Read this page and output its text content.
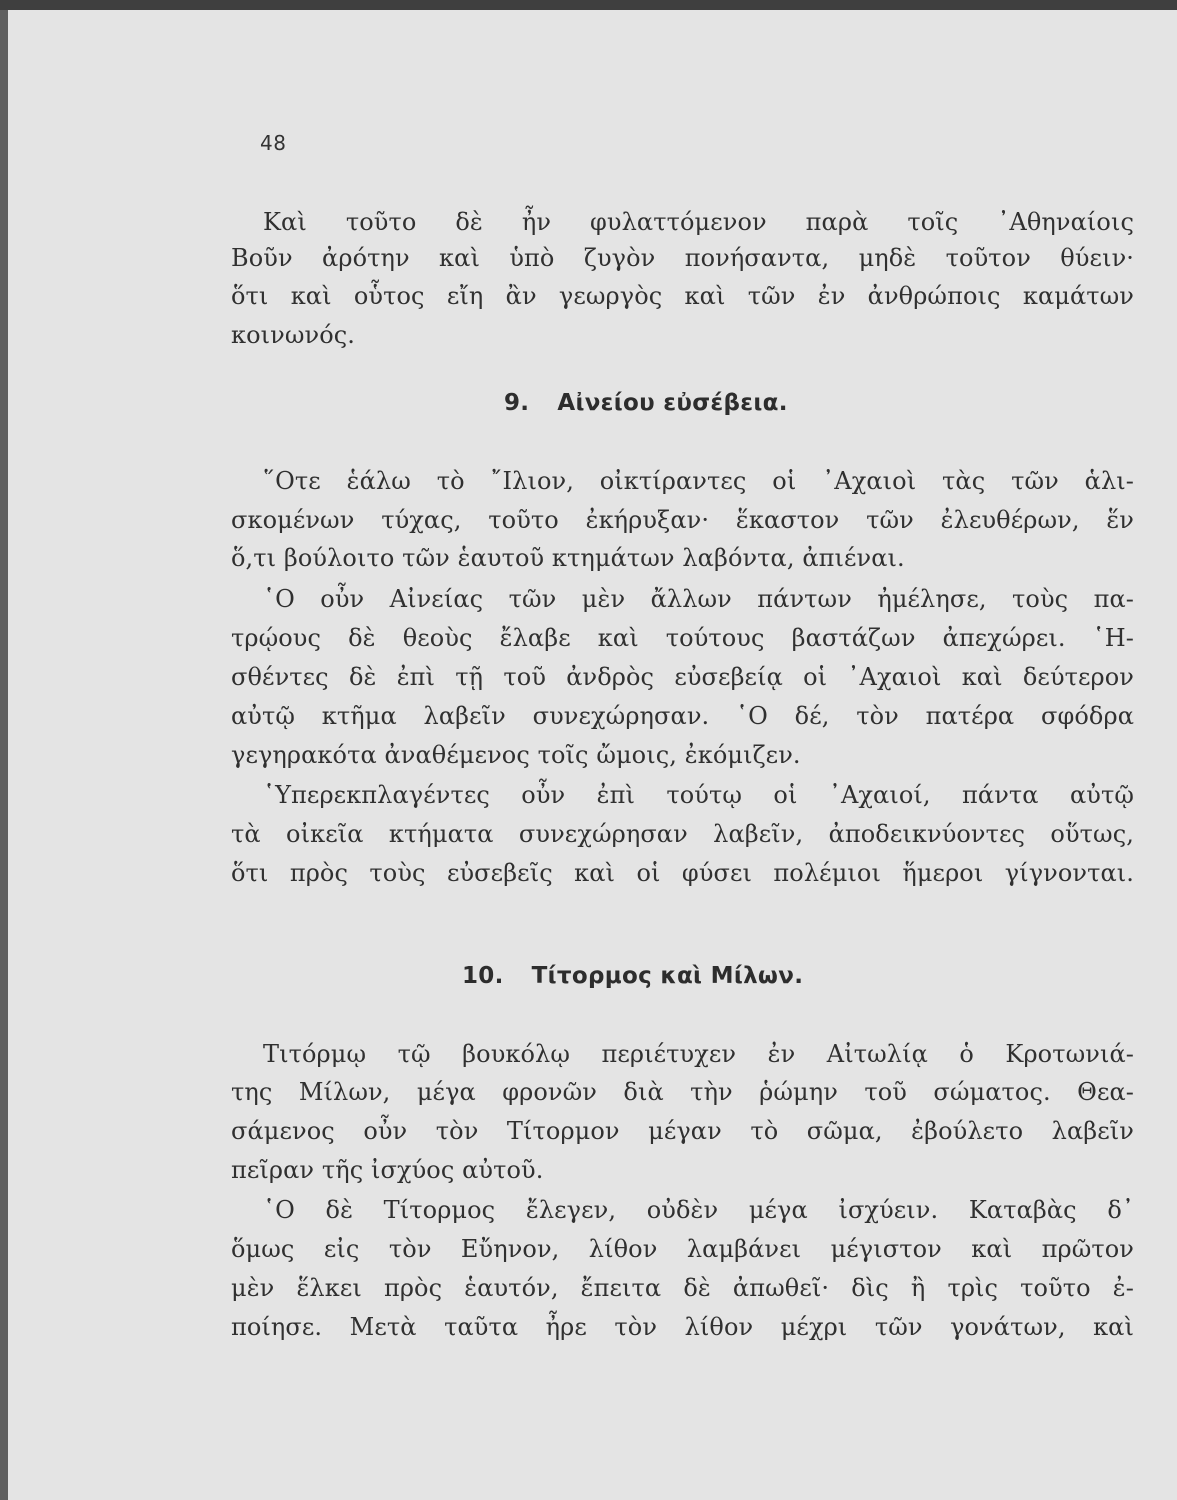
48
Καὶ τοῦτο δὲ ἦν φυλαττόμενον παρὰ τοῖς ᾿Αθηναίοις
Βοῦν ἀρότην καὶ ὑπὸ ζυγὸν πονήσαντα, μηδὲ τοῦτον θύειν·
ὅτι καὶ οὗτος εἴη ἂν γεωργὸς καὶ τῶν ἐν ἀνθρώποις καμάτων
κοινωνός.
9. Αἰνείου εὐσέβεια.
῞Οτε ἑάλω τὸ ῎Ιλιον, οἰκτίραντες οἱ ᾿Αχαιοὶ τὰς τῶν ἁλι-
σκομένων τύχας, τοῦτο ἐκήρυξαν· ἕκαστον τῶν ἐλευθέρων, ἕν
ὅ,τι βούλοιτο τῶν ἑαυτοῦ κτημάτων λαβόντα, ἀπιέναι.
῾Ο οὖν Αἰνείας τῶν μὲν ἄλλων πάντων ἠμέλησε, τοὺς πα-
τρῴους δὲ θεοὺς ἔλαβε καὶ τούτους βαστάζων ἀπεχώρει. ῾Η-
σθέντες δὲ ἐπὶ τῇ τοῦ ἀνδρὸς εὐσεβείᾳ οἱ ᾿Αχαιοὶ καὶ δεύτερον
αὐτῷ κτῆμα λαβεῖν συνεχώρησαν. ῾Ο δέ, τὸν πατέρα σφόδρα
γεγηρακότα ἀναθέμενος τοῖς ὤμοις, ἐκόμιζεν.
῾Υπερεκπλαγέντες οὖν ἐπὶ τούτῳ οἱ ᾿Αχαιοί, πάντα αὐτῷ
τὰ οἰκεῖα κτήματα συνεχώρησαν λαβεῖν, ἀποδεικνύοντες οὕτως,
ὅτι πρὸς τοὺς εὐσεβεῖς καὶ οἱ φύσει πολέμιοι ἥμεροι γίγνονται.
10. Τίτορμος καὶ Μίλων.
Τιτόρμῳ τῷ βουκόλῳ περιέτυχεν ἐν Αἰτωλίᾳ ὁ Κροτωνιά-
της Μίλων, μέγα φρονῶν διὰ τὴν ῥώμην τοῦ σώματος. Θεα-
σάμενος οὖν τὸν Τίτορμον μέγαν τὸ σῶμα, ἐβούλετο λαβεῖν
πεῖραν τῆς ἰσχύος αὐτοῦ.
῾Ο δὲ Τίτορμος ἔλεγεν, οὐδὲν μέγα ἰσχύειν. Καταβὰς δ᾿
ὅμως εἰς τὸν Εὔηνον, λίθον λαμβάνει μέγιστον καὶ πρῶτον
μὲν ἕλκει πρὸς ἑαυτόν, ἔπειτα δὲ ἀπωθεῖ· δὶς ἢ τρὶς τοῦτο ἐ-
ποίησε. Μετὰ ταῦτα ἦρε τὸν λίθον μέχρι τῶν γονάτων, καὶ
